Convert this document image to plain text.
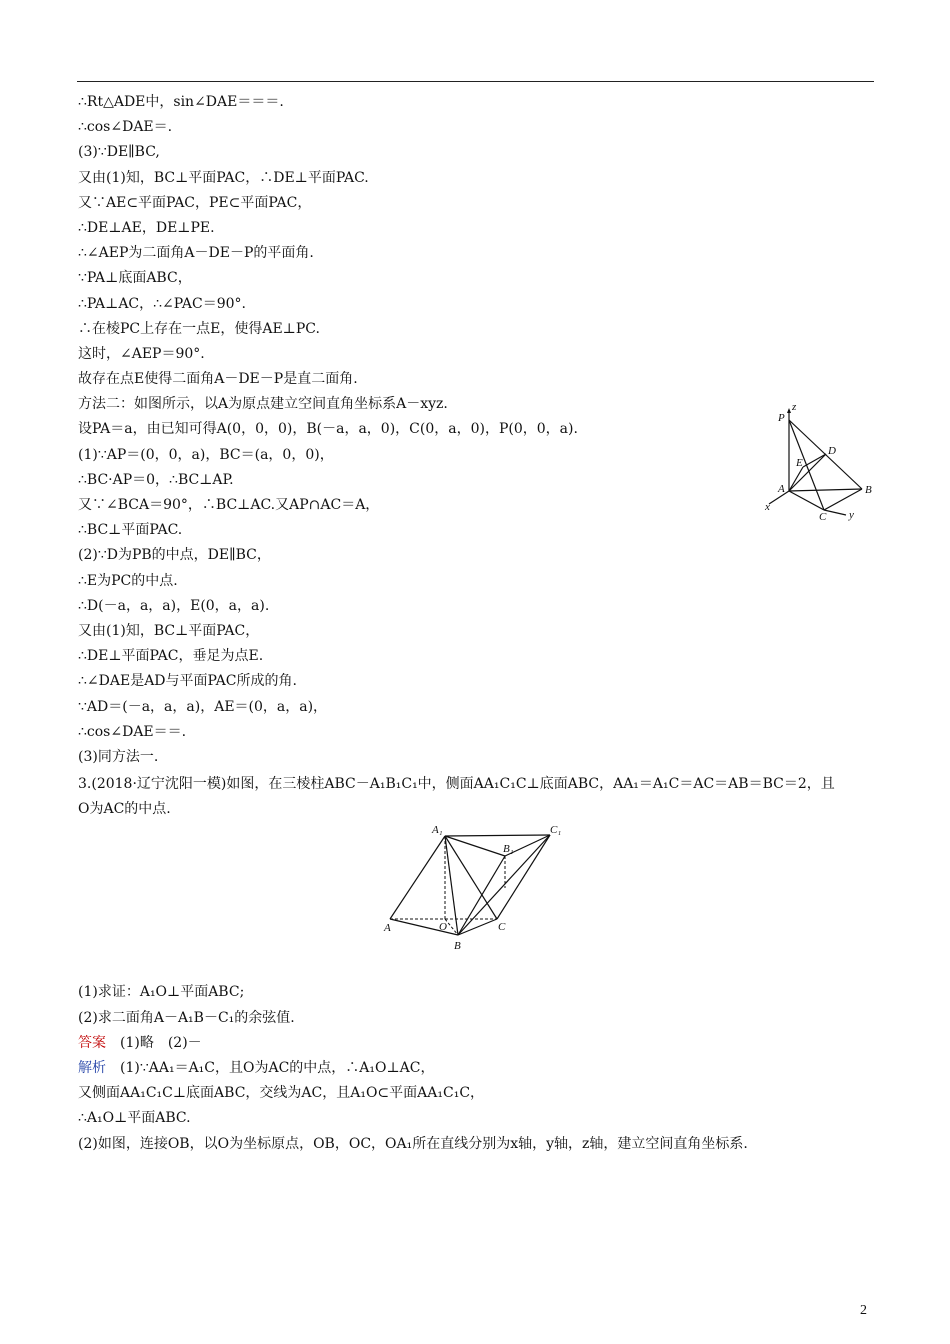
∴Rt△ADE中，sin∠DAE＝＝＝.
∴cos∠DAE＝.
(3)∵DE∥BC,
又由(1)知，BC⊥平面PAC，∴DE⊥平面PAC.
又∵AE⊂平面PAC，PE⊂平面PAC，
∴DE⊥AE，DE⊥PE.
∴∠AEP为二面角A－DE－P的平面角.
∵PA⊥底面ABC，
∴PA⊥AC，∴∠PAC＝90°.
∴在棱PC上存在一点E，使得AE⊥PC.
这时，∠AEP＝90°.
故存在点E使得二面角A－DE－P是直二面角.
方法二：如图所示，以A为原点建立空间直角坐标系A－xyz.
设PA＝a，由已知可得A(0，0，0)，B(－a，a，0)，C(0，a，0)，P(0，0，a).
(1)∵AP＝(0，0，a)，BC＝(a，0，0)，
∴BC·AP＝0，∴BC⊥AP.
又∵∠BCA＝90°，∴BC⊥AC.又AP∩AC＝A，
∴BC⊥平面PAC.
(2)∵D为PB的中点，DE∥BC，
∴E为PC的中点.
∴D(－a，a，a)，E(0，a，a).
又由(1)知，BC⊥平面PAC，
∴DE⊥平面PAC，垂足为点E.
∴∠DAE是AD与平面PAC所成的角.
∵AD＝(－a，a，a)，AE＝(0，a，a)，
∴cos∠DAE＝＝.
(3)同方法一.
3.(2018·辽宁沈阳一模)如图，在三棱柱ABC－A₁B₁C₁中，侧面AA₁C₁C⊥底面ABC，AA₁＝A₁C＝AC＝AB＝BC＝2，且
O为AC的中点.
(1)求证：A₁O⊥平面ABC;
(2)求二面角A－A₁B－C₁的余弦值.
答案 (1)略　(2)－
解析 (1)∵AA₁＝A₁C，且O为AC的中点，∴A₁O⊥AC，
又侧面AA₁C₁C⊥底面ABC，交线为AC，且A₁O⊂平面AA₁C₁C，
∴A₁O⊥平面ABC.
(2)如图，连接OB，以O为坐标原点，OB，OC，OA₁所在直线分别为x轴，y轴，z轴，建立空间直角坐标系.
P
z
D
E
A	B
C
x
y
A₁
B₁
C₁
A	O
B
C
2
